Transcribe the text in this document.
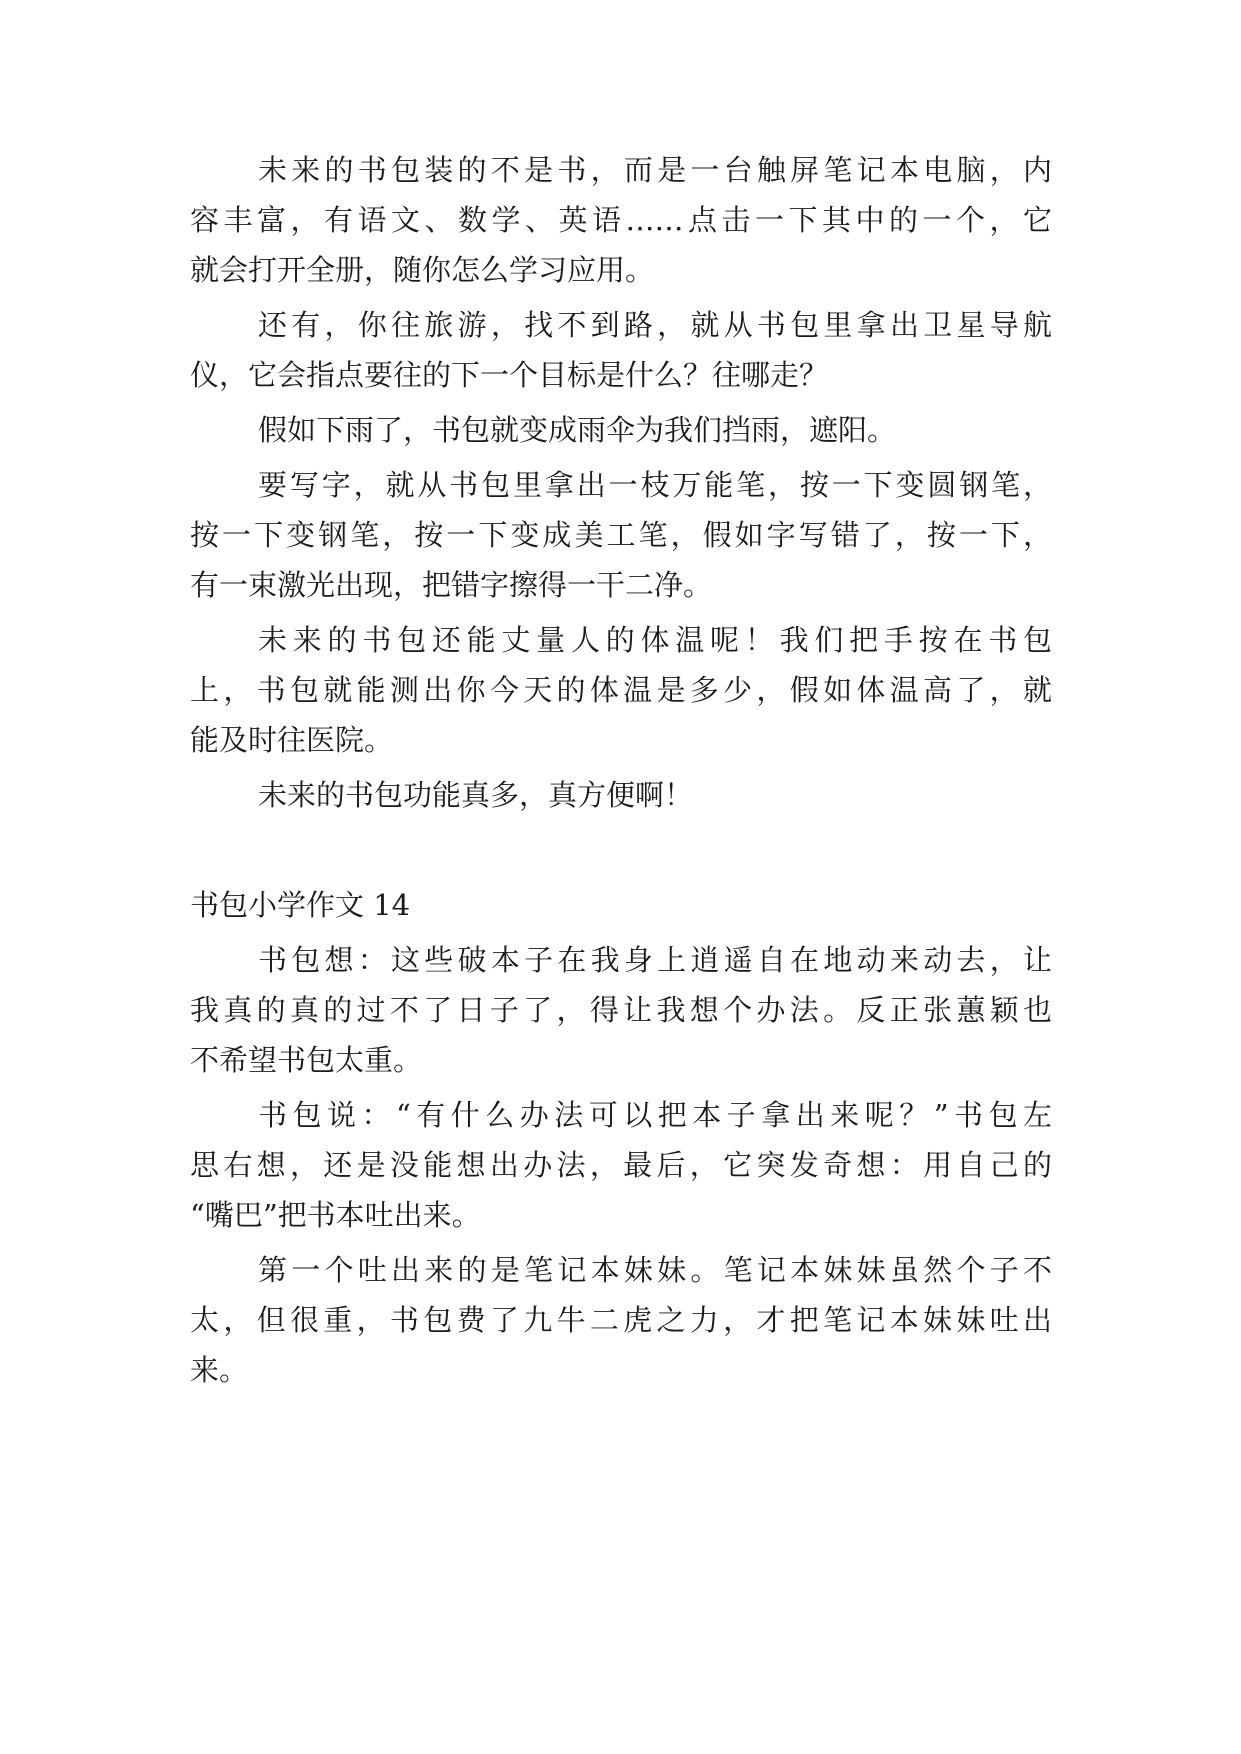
未来的书包装的不是书，而是一台触屏笔记本电脑，内
容丰富，有语文、数学、英语……点击一下其中的一个，它
就会打开全册，随你怎么学习应用。
还有，你往旅游，找不到路，就从书包里拿出卫星导航
仪，它会指点要往的下一个目标是什么？往哪走？
假如下雨了，书包就变成雨伞为我们挡雨，遮阳。
要写字，就从书包里拿出一枝万能笔，按一下变圆钢笔，
按一下变钢笔，按一下变成美工笔，假如字写错了，按一下，
有一束激光出现，把错字擦得一干二净。
未来的书包还能丈量人的体温呢！我们把手按在书包
上，书包就能测出你今天的体温是多少，假如体温高了，就
能及时往医院。
未来的书包功能真多，真方便啊！
书包小学作文 14
书包想：这些破本子在我身上逍遥自在地动来动去，让
我真的真的过不了日子了，得让我想个办法。反正张蕙颖也
不希望书包太重。
书包说：“有什么办法可以把本子拿出来呢？”书包左
思右想，还是没能想出办法，最后，它突发奇想：用自己的
“嘴巴”把书本吐出来。
第一个吐出来的是笔记本妹妹。笔记本妹妹虽然个子不
太，但很重，书包费了九牛二虎之力，才把笔记本妹妹吐出
来。
